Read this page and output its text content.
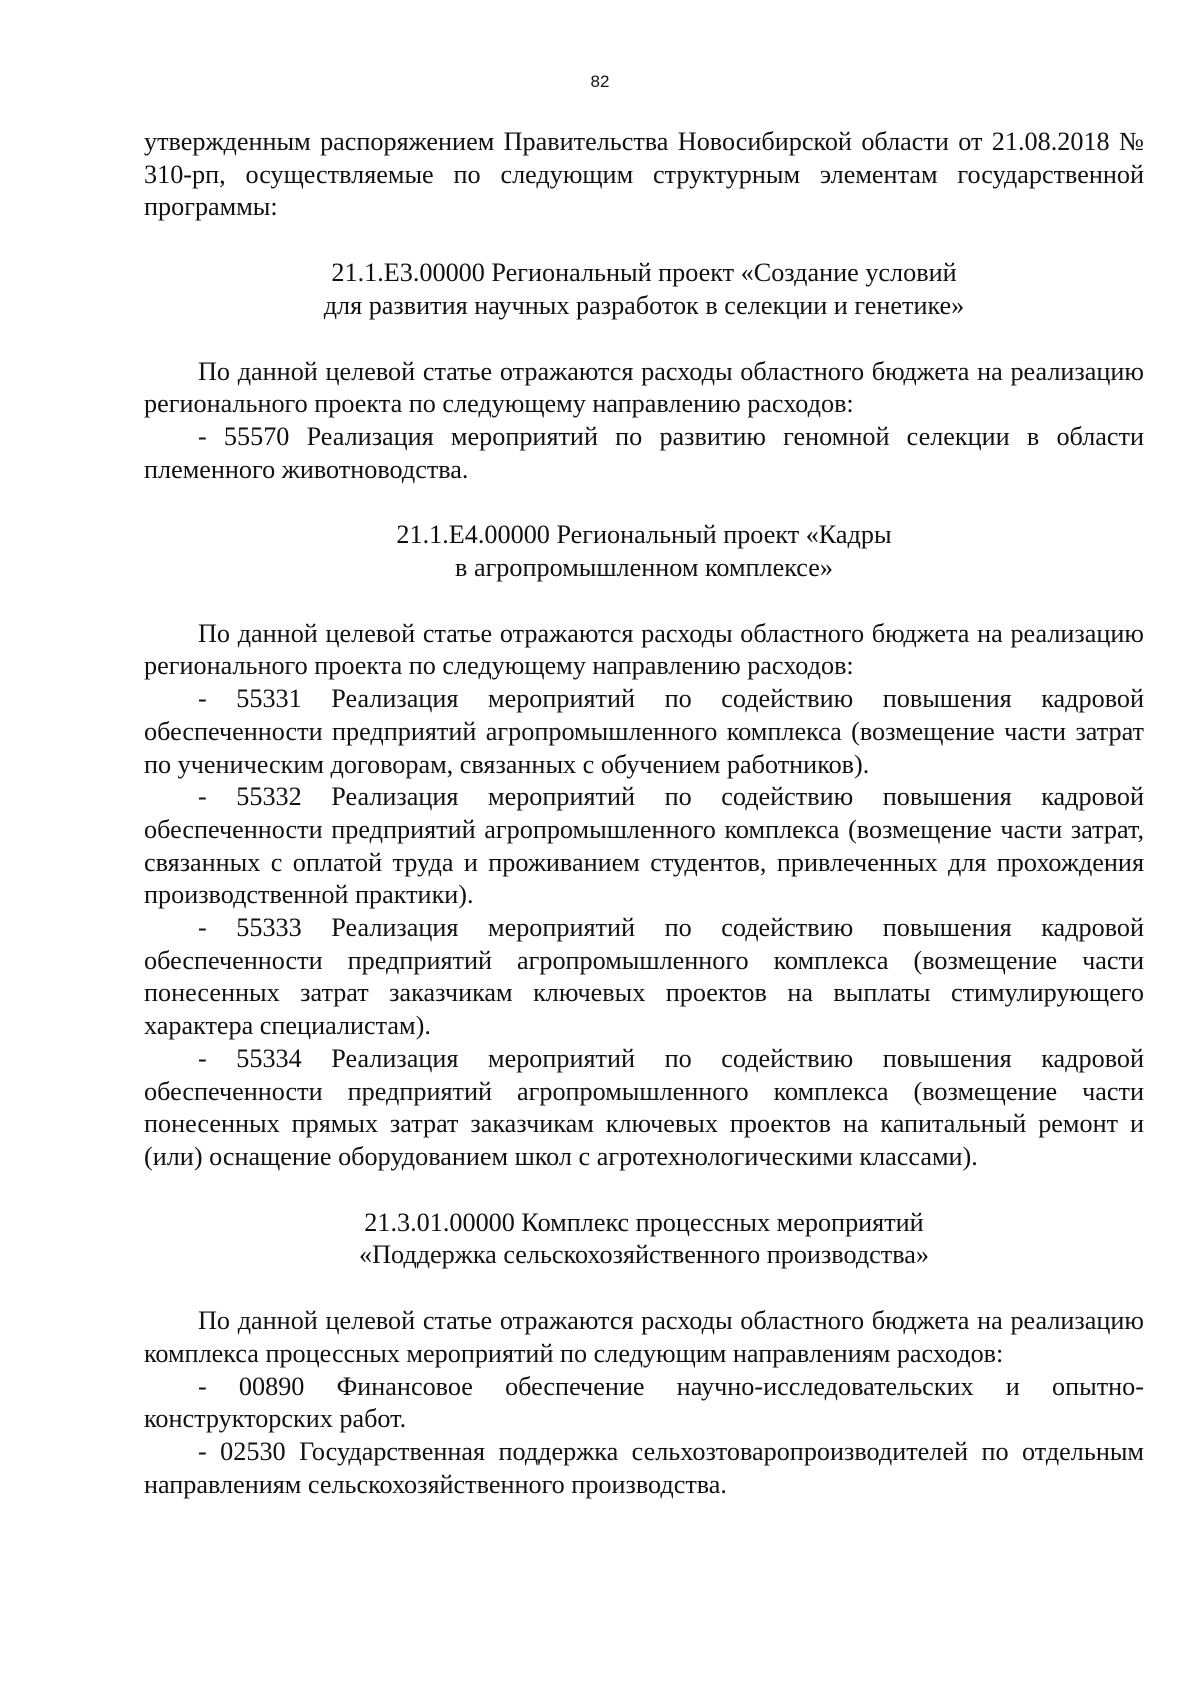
82

утвержденным распоряжением Правительства Новосибирской области от 21.08.2018 № 310-рп, осуществляемые по следующим структурным элементам государственной программы:

21.1.Е3.00000 Региональный проект «Создание условий
для развития научных разработок в селекции и генетике»

По данной целевой статье отражаются расходы областного бюджета на реализацию регионального проекта по следующему направлению расходов:

- 55570 Реализация мероприятий по развитию геномной селекции в области племенного животноводства.

21.1.Е4.00000 Региональный проект «Кадры
в агропромышленном комплексе»

По данной целевой статье отражаются расходы областного бюджета на реализацию регионального проекта по следующему направлению расходов:

- 55331 Реализация мероприятий по содействию повышения кадровой обеспеченности предприятий агропромышленного комплекса (возмещение части затрат по ученическим договорам, связанных с обучением работников).

- 55332 Реализация мероприятий по содействию повышения кадровой обеспеченности предприятий агропромышленного комплекса (возмещение части затрат, связанных с оплатой труда и проживанием студентов, привлеченных для прохождения производственной практики).

- 55333 Реализация мероприятий по содействию повышения кадровой обеспеченности предприятий агропромышленного комплекса (возмещение части понесенных затрат заказчикам ключевых проектов на выплаты стимулирующего характера специалистам).

- 55334 Реализация мероприятий по содействию повышения кадровой обеспеченности предприятий агропромышленного комплекса (возмещение части понесенных прямых затрат заказчикам ключевых проектов на капитальный ремонт и (или) оснащение оборудованием школ с агротехнологическими классами).

21.3.01.00000 Комплекс процессных мероприятий
«Поддержка сельскохозяйственного производства»

По данной целевой статье отражаются расходы областного бюджета на реализацию комплекса процессных мероприятий по следующим направлениям расходов:

- 00890 Финансовое обеспечение научно-исследовательских и опытно-конструкторских работ.

- 02530 Государственная поддержка сельхозтоваропроизводителей по отдельным направлениям сельскохозяйственного производства.
